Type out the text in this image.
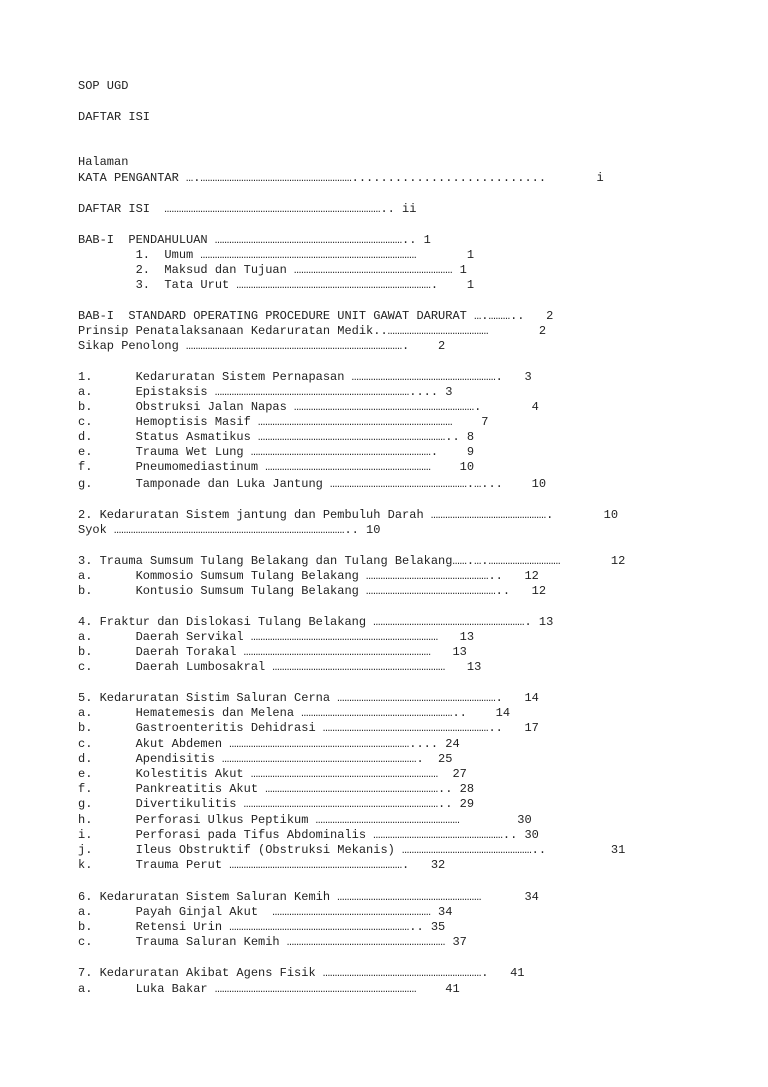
SOP UGD
DAFTAR ISI
Halaman
KATA PENGANTAR ….………………………………………………………...........................       i
DAFTAR ISI  ……………………………………………………………………………….. ii
BAB-I  PENDAHULUAN …………………………………………………………………….. 1
1.  Umum ………………………………………………………………………………       1
2.  Maksud dan Tujuan ………………………………………………………… 1
3.  Tata Urut ……………………………………………………………………….    1
BAB-I  STANDARD OPERATING PROCEDURE UNIT GAWAT DARURAT ….………..   2
Prinsip Penatalaksanaan Kedaruratan Medik..……………………………………       2
Sikap Penolong ……………………………………………………………………………….    2
1.      Kedaruratan Sistem Pernapasan …………………………………………………….   3
a.      Epistaksis ……………………………………………………………………….... 3
b.      Obstruksi Jalan Napas ………………………………………………………………….       4
c.      Hemoptisis Masif ………………………………………………………………………    7
d.      Status Asmatikus …………………………………………………………………….. 8
e.      Trauma Wet Lung ………………………………………………………………….    9
f.      Pneumomediastinum ……………………………………………………………    10
g.      Tamponade dan Luka Jantung ………………………………………………….…...    10
2. Kedaruratan Sistem jantung dan Pembuluh Darah ………………………………………….       10
Syok …………………………………………………………………………………….. 10
3. Trauma Sumsum Tulang Belakang dan Tulang Belakang…….….…………………………       12
a.      Kommosio Sumsum Tulang Belakang ……………………………………………..   12
b.      Kontusio Sumsum Tulang Belakang ………………………………………………..   12
4. Fraktur dan Dislokasi Tulang Belakang ………………………………………………………. 13
a.      Daerah Servikal ……………………………………………………………………   13
b.      Daerah Torakal ……………………………………………………………………   13
c.      Daerah Lumbosakral ………………………………………………………………   13
5. Kedaruratan Sistim Saluran Cerna ………………………………………………………….   14
a.      Hematemesis dan Melena ………………………………………………………..    14
b.      Gastroenteritis Dehidrasi ……………………………………………………………..   17
c.      Akut Abdemen ………………………………………………………………….... 24
d.      Apendisitis ……………………………………………………………………….  25
e.      Kolestitis Akut ……………………………………………………………………  27
f.      Pankreatitis Akut ……………………………………………………………….. 28
g.      Divertikulitis ……………………………………………………………………….. 29
h.      Perforasi Ulkus Peptikum ……………………………………………………        30
i.      Perforasi pada Tifus Abdominalis ……………………………………………….. 30
j.      Ileus Obstruktif (Obstruksi Mekanis) ………………………………………………..         31
k.      Trauma Perut ……………………………………………………………….   32
6. Kedaruratan Sistem Saluran Kemih ……………………………………………………      34
a.      Payah Ginjal Akut  ………………………………………………………… 34
b.      Retensi Urin ………………………………………………………………….. 35
c.      Trauma Saluran Kemih ………………………………………………………… 37
7. Kedaruratan Akibat Agens Fisik ………………………………………………………….   41
a.      Luka Bakar …………………………………………………………………………    41
